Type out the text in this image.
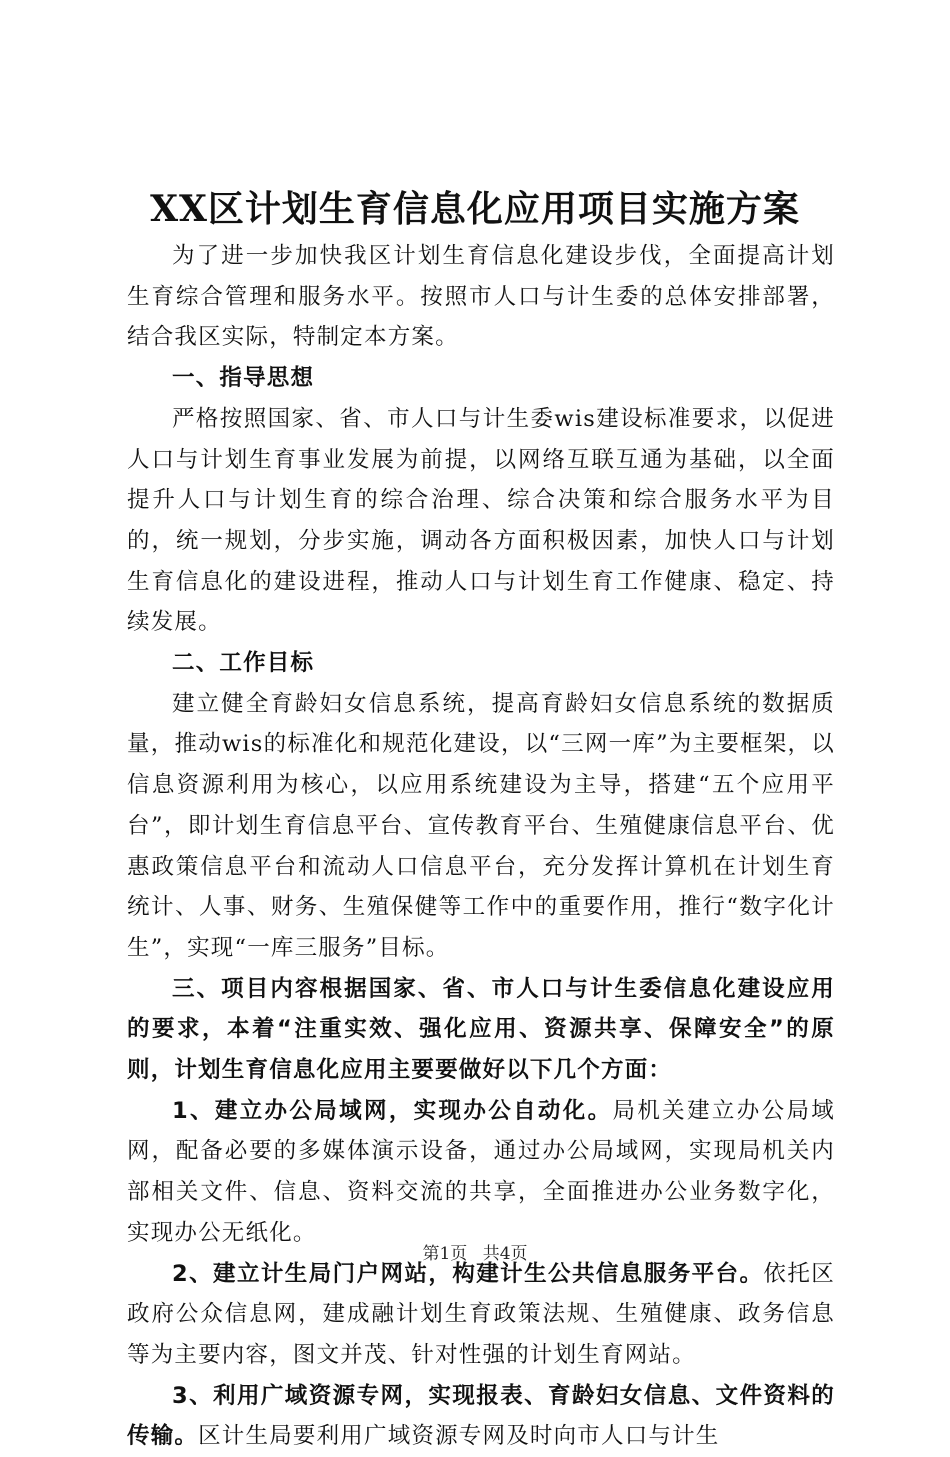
XX区计划生育信息化应用项目实施方案

为了进一步加快我区计划生育信息化建设步伐，全面提高计划生育综合管理和服务水平。按照市人口与计生委的总体安排部署，结合我区实际，特制定本方案。

一、指导思想

严格按照国家、省、市人口与计生委wis建设标准要求，以促进人口与计划生育事业发展为前提，以网络互联互通为基础，以全面提升人口与计划生育的综合治理、综合决策和综合服务水平为目的，统一规划，分步实施，调动各方面积极因素，加快人口与计划生育信息化的建设进程，推动人口与计划生育工作健康、稳定、持续发展。

二、工作目标

建立健全育龄妇女信息系统，提高育龄妇女信息系统的数据质量，推动wis的标准化和规范化建设，以“三网一库”为主要框架，以信息资源利用为核心，以应用系统建设为主导，搭建“五个应用平台”，即计划生育信息平台、宣传教育平台、生殖健康信息平台、优惠政策信息平台和流动人口信息平台，充分发挥计算机在计划生育统计、人事、财务、生殖保健等工作中的重要作用，推行“数字化计生”，实现“一库三服务”目标。

三、项目内容根据国家、省、市人口与计生委信息化建设应用的要求，本着“注重实效、强化应用、资源共享、保障安全”的原则，计划生育信息化应用主要要做好以下几个方面：

1、建立办公局域网，实现办公自动化。局机关建立办公局域网，配备必要的多媒体演示设备，通过办公局域网，实现局机关内部相关文件、信息、资料交流的共享，全面推进办公业务数字化，实现办公无纸化。

2、建立计生局门户网站，构建计生公共信息服务平台。依托区政府公众信息网，建成融计划生育政策法规、生殖健康、政务信息等为主要内容，图文并茂、针对性强的计划生育网站。

3、利用广域资源专网，实现报表、育龄妇女信息、文件资料的传输。区计生局要利用广域资源专网及时向市人口与计生

第1页 共4页
